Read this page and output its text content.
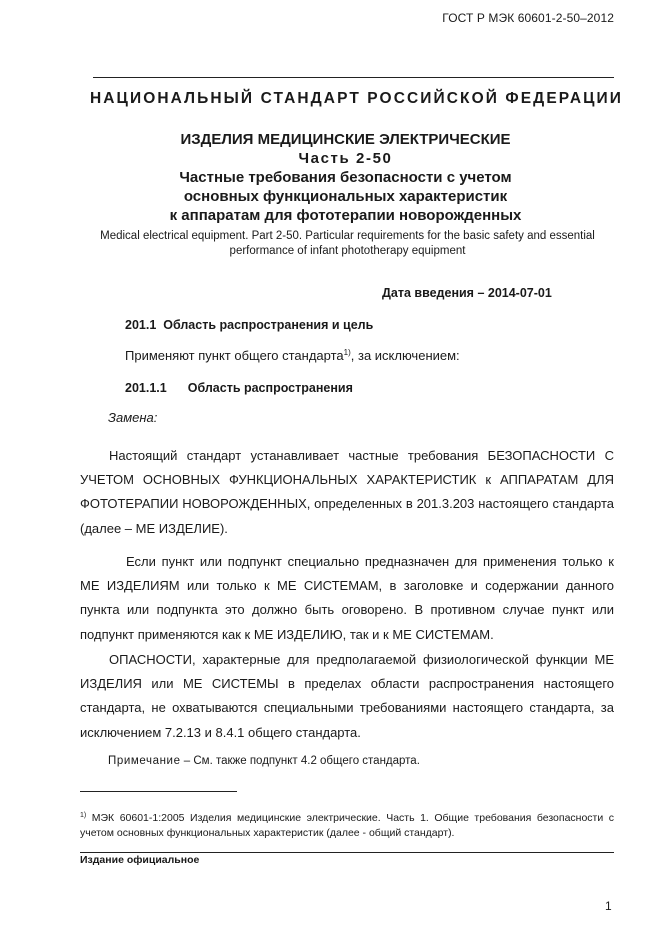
ГОСТ Р МЭК 60601-2-50–2012
НАЦИОНАЛЬНЫЙ СТАНДАРТ РОССИЙСКОЙ ФЕДЕРАЦИИ
ИЗДЕЛИЯ МЕДИЦИНСКИЕ ЭЛЕКТРИЧЕСКИЕ
Часть 2-50
Частные требования безопасности с учетом
основных функциональных характеристик
к аппаратам для фототерапии новорожденных
Medical electrical equipment. Part 2-50. Particular requirements for the basic safety and essential
performance of infant phototherapy equipment
Дата введения – 2014-07-01
201.1 Область распространения и цель
Применяют пункт общего стандарта$^{1)}$, за исключением:
201.1.1 Область распространения
Замена:
Настоящий стандарт устанавливает частные требования БЕЗОПАСНОСТИ С УЧЕТОМ ОСНОВНЫХ ФУНКЦИОНАЛЬНЫХ ХАРАКТЕРИСТИК к АППАРАТАМ ДЛЯ ФОТОТЕРАПИИ НОВОРОЖДЕННЫХ, определенных в 201.3.203 настоящего стандарта (далее – МЕ ИЗДЕЛИЕ).
Если пункт или подпункт специально предназначен для применения только к МЕ ИЗДЕЛИЯМ или только к МЕ СИСТЕМАМ, в заголовке и содержании данного пункта или подпункта это должно быть оговорено. В противном случае пункт или подпункт применяются как к МЕ ИЗДЕЛИЮ, так и к МЕ СИСТЕМАМ.
ОПАСНОСТИ, характерные для предполагаемой физиологической функции МЕ ИЗДЕЛИЯ или МЕ СИСТЕМЫ в пределах области распространения настоящего стандарта, не охватываются специальными требованиями настоящего стандарта, за исключением 7.2.13 и 8.4.1 общего стандарта.
Примечание – См. также подпункт 4.2 общего стандарта.
$^{1)}$ МЭК 60601-1:2005 Изделия медицинские электрические. Часть 1. Общие требования безопасности с учетом основных функциональных характеристик (далее - общий стандарт).
Издание официальное
1
